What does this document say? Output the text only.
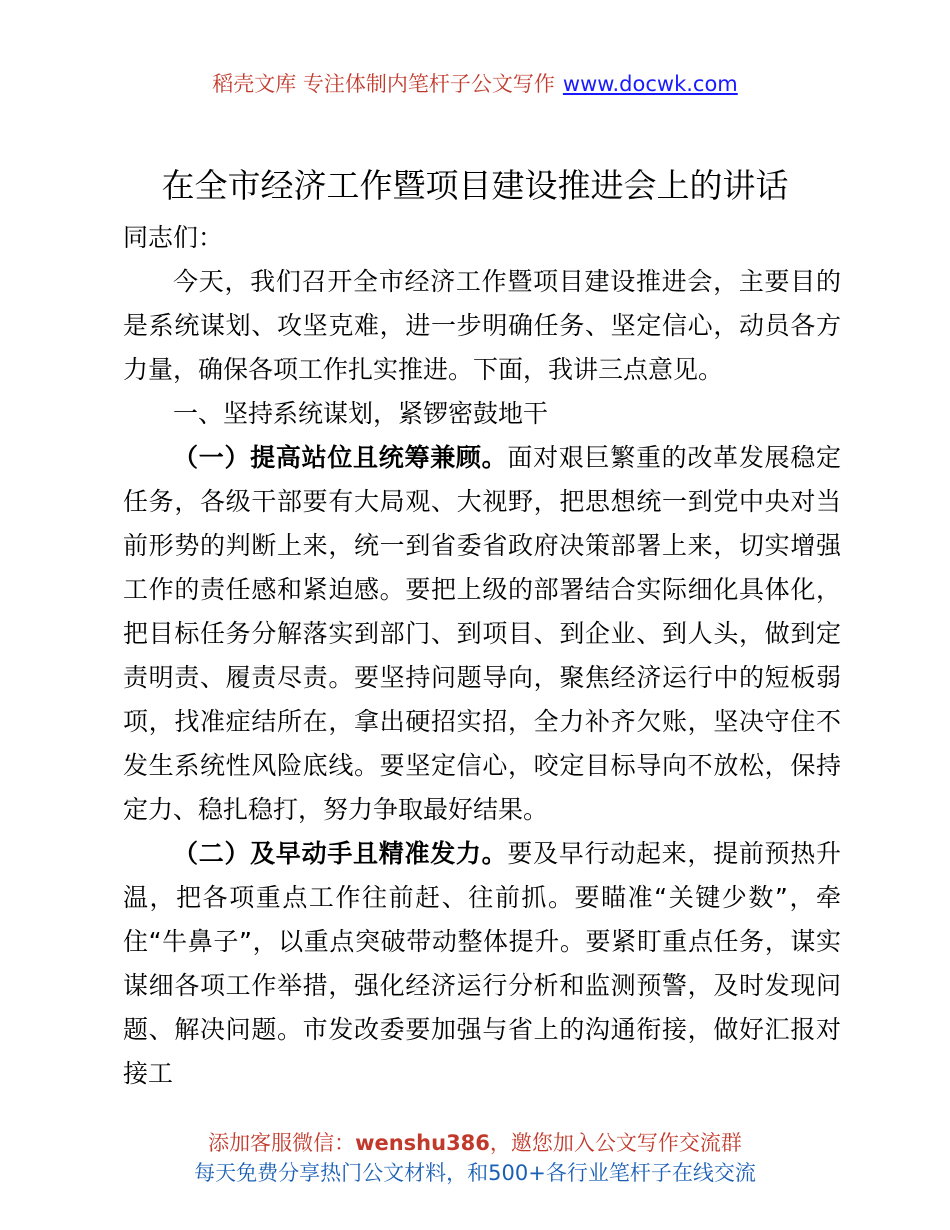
稻壳文库 专注体制内笔杆子公文写作 www.docwk.com
在全市经济工作暨项目建设推进会上的讲话

同志们：

今天，我们召开全市经济工作暨项目建设推进会，主要目的是系统谋划、攻坚克难，进一步明确任务、坚定信心，动员各方力量，确保各项工作扎实推进。下面，我讲三点意见。

一、坚持系统谋划，紧锣密鼓地干

（一）提高站位且统筹兼顾。面对艰巨繁重的改革发展稳定任务，各级干部要有大局观、大视野，把思想统一到党中央对当前形势的判断上来，统一到省委省政府决策部署上来，切实增强工作的责任感和紧迫感。要把上级的部署结合实际细化具体化，把目标任务分解落实到部门、到项目、到企业、到人头，做到定责明责、履责尽责。要坚持问题导向，聚焦经济运行中的短板弱项，找准症结所在，拿出硬招实招，全力补齐欠账，坚决守住不发生系统性风险底线。要坚定信心，咬定目标导向不放松，保持定力、稳扎稳打，努力争取最好结果。

（二）及早动手且精准发力。要及早行动起来，提前预热升温，把各项重点工作往前赶、往前抓。要瞄准“关键少数”，牵住“牛鼻子”，以重点突破带动整体提升。要紧盯重点任务，谋实谋细各项工作举措，强化经济运行分析和监测预警，及时发现问题、解决问题。市发改委要加强与省上的沟通衔接，做好汇报对接工

添加客服微信：wenshu386，邀您加入公文写作交流群
每天免费分享热门公文材料，和500+各行业笔杆子在线交流
